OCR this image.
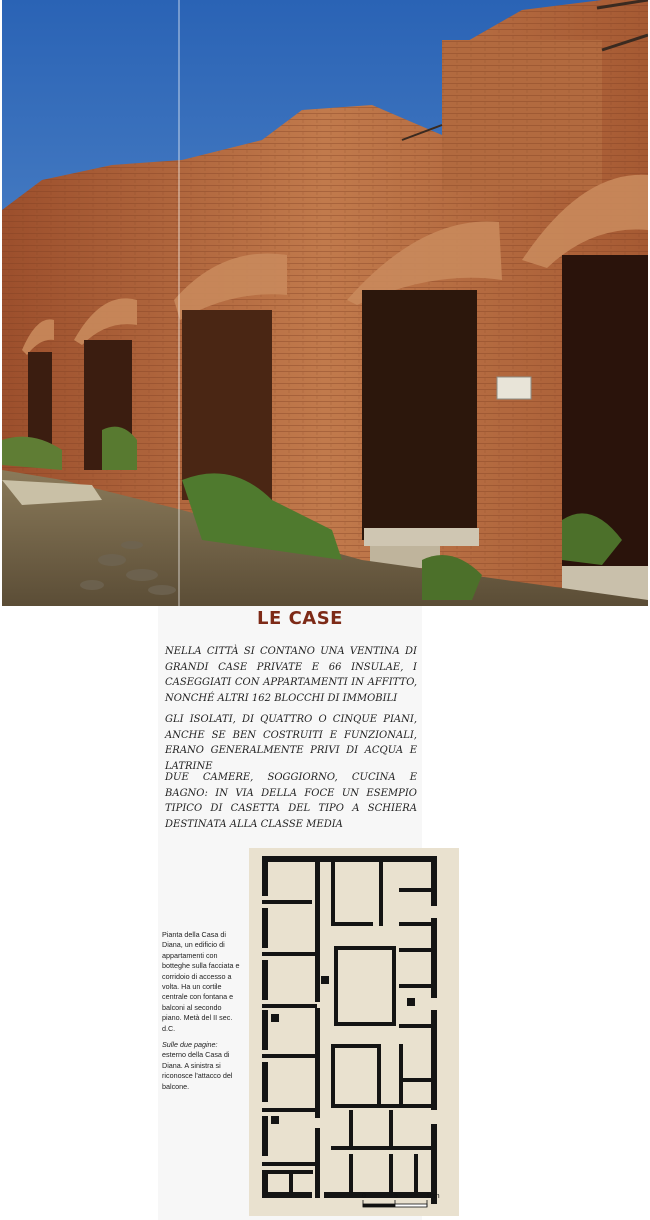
LE CASE

NELLA CITTÀ SI CONTANO UNA VENTINA DI GRANDI CASE PRIVATE E 66 INSULAE, I CASEGGIATI CON APPARTAMENTI IN AFFITTO, NONCHÉ ALTRI 162 BLOCCHI DI IMMOBILI

GLI ISOLATI, DI QUATTRO O CINQUE PIANI, ANCHE SE BEN COSTRUITI E FUNZIONALI, ERANO GENERALMENTE PRIVI DI ACQUA E LATRINE

DUE CAMERE, SOGGIORNO, CUCINA E BAGNO: IN VIA DELLA FOCE UN ESEMPIO TIPICO DI CASETTA DEL TIPO A SCHIERA DESTINATA ALLA CLASSE MEDIA

Pianta della Casa di Diana, un edificio di appartamenti con botteghe sulla facciata e corridoio di accesso a volta. Ha un cortile centrale con fontana e balconi al secondo piano. Metà del II sec. d.C.

Sulle due pagine: esterno della Casa di Diana. A sinistra si riconosce l'attacco del balcone.

0	5	10m
